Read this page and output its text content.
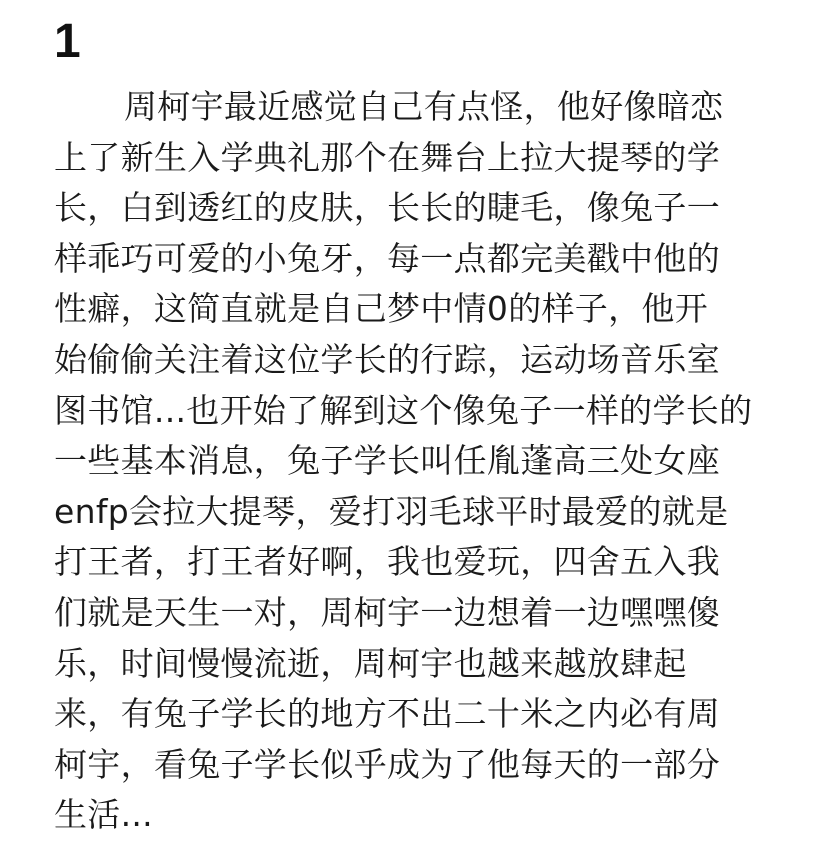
1
周柯宇最近感觉自己有点怪，他好像暗恋
上了新生入学典礼那个在舞台上拉大提琴的学
长，白到透红的皮肤，长长的睫毛，像兔子一
样乖巧可爱的小兔牙，每一点都完美戳中他的
性癖，这简直就是自己梦中情0的样子，他开
始偷偷关注着这位学长的行踪，运动场音乐室
图书馆...也开始了解到这个像兔子一样的学长的
一些基本消息，兔子学长叫任胤蓬高三处女座
enfp会拉大提琴，爱打羽毛球平时最爱的就是
打王者，打王者好啊，我也爱玩，四舍五入我
们就是天生一对，周柯宇一边想着一边嘿嘿傻
乐，时间慢慢流逝，周柯宇也越来越放肆起
来，有兔子学长的地方不出二十米之内必有周
柯宇，看兔子学长似乎成为了他每天的一部分
生活...
